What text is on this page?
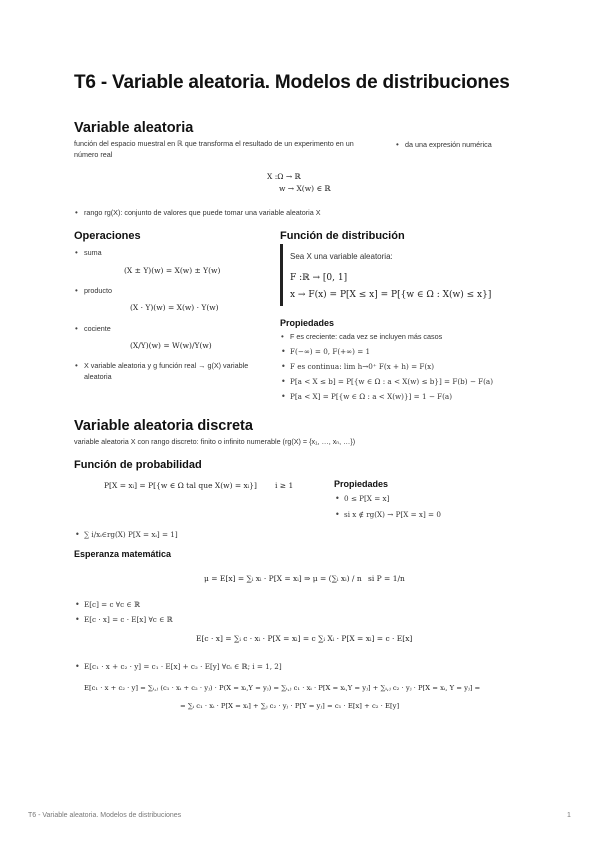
T6 - Variable aleatoria. Modelos de distribuciones
Variable aleatoria
función del espacio muestral en ℝ que transforma el resultado de un experimento en un
número real
• da una expresión numérica
X :Ω → ℝ
w → X(w) ∈ ℝ
• rango rg(X): conjunto de valores que puede tomar una variable aleatoria X
Operaciones
• suma
(X ± Y)(w) = X(w) ± Y(w)
• producto
(X · Y)(w) = X(w) · Y(w)
• cociente
(X/Y)(w) = W(w)/Y(w)
• X variable aleatoria y g función real → g(X) variable
aleatoria
Función de distribución
Sea X una variable aleatoria:
F :ℝ → [0, 1]
x → F(x) = P[X ≤ x] = P[{w ∈ Ω : X(w) ≤ x}]
Propiedades
• F es creciente: cada vez se incluyen más casos
• F(−∞) = 0, F(+∞) = 1
• F es continua: lim h→0⁺ F(x + h) = F(x)
• P[a < X ≤ b] = P[{w ∈ Ω : a < X(w) ≤ b}] = F(b) − F(a)
• P[a < X] = P[{w ∈ Ω : a < X(w)}] = 1 − F(a)
Variable aleatoria discreta
variable aleatoria X con rango discreto: finito o infinito numerable (rg(X) = {x₁, …, xₙ, …})
Función de probabilidad
P[X = xᵢ] = P[{w ∈ Ω tal que X(w) = xᵢ}] i ≥ 1	Propiedades
• 0 ≤ P[X = x]
• si x ∉ rg(X) → P[X = x] = 0
• ∑ i/xᵢ∈rg(X) P[X = xᵢ] = 1]
Esperanza matemática
μ = E[x] = ∑ᵢ xᵢ · P[X = xᵢ] ⇒ μ = (∑ᵢ xᵢ) / n si P = 1/n
• E[c] = c ∀c ∈ ℝ
• E[c · x] = c · E[x] ∀c ∈ ℝ
E[c · x] = ∑ᵢ c · xᵢ · P[X = xᵢ] = c ∑ᵢ Xᵢ · P[X = xᵢ] = c · E[x]
• E[c₁ · x + c₂ · y] = c₁ · E[x] + c₂ · E[y] ∀cᵢ ∈ ℝ; i = 1, 2]
E[c₁ · x + c₂ · y] = ∑ᵢ,ⱼ (c₁ · xᵢ + c₂ · yⱼ) · P(X = xᵢ,Y = yⱼ) = ∑ᵢ,ⱼ c₁ · xᵢ · P[X = xᵢ,Y = yⱼ] + ∑ᵢ,ⱼ c₂ · yⱼ · P[X = xᵢ, Y = yⱼ] =
= ∑ᵢ c₁ · xᵢ · P[X = xᵢ] + ∑ⱼ c₂ · yⱼ · P[Y = yⱼ] = c₁ · E[x] + c₂ · E[y]
T6 - Variable aleatoria. Modelos de distribuciones	1
